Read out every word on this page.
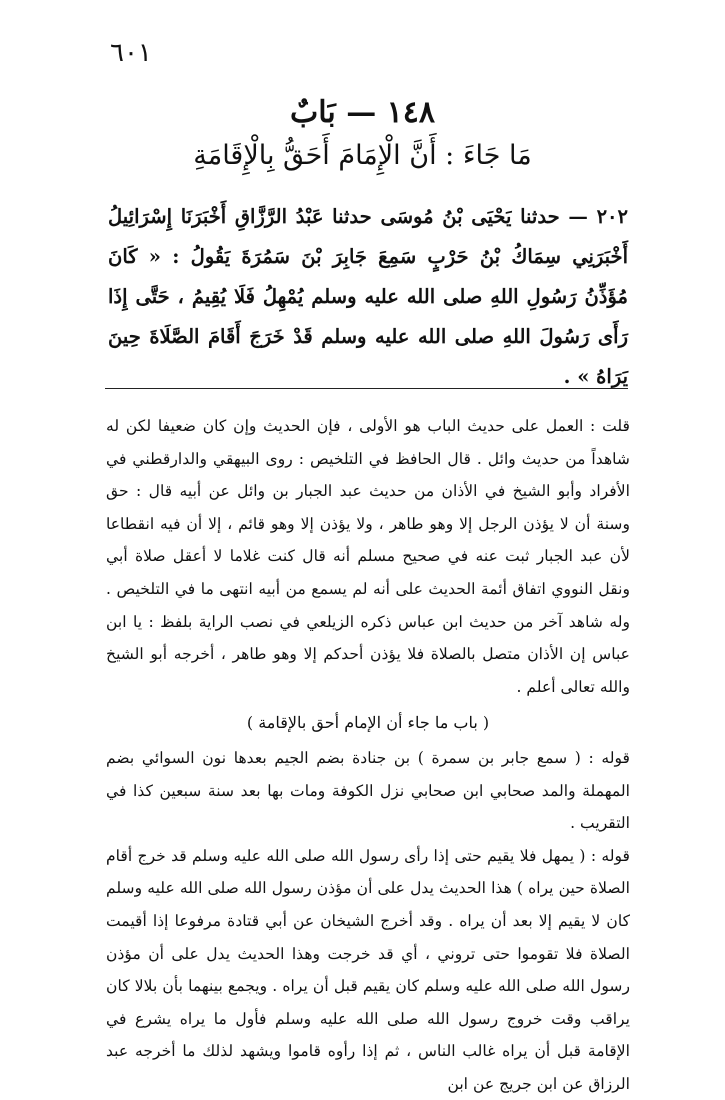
٦٠١
١٤٨ — بَابٌ
مَا جَاءَ : أَنَّ الْإِمَامَ أَحَقُّ بِالْإِقَامَةِ
٢٠٢ — حدثنا يَحْيَى بْنُ مُوسَى حدثنا عَبْدُ الرَّزَّاقِ أَخْبَرَنَا إِسْرَائِيلُ أَخْبَرَنِي سِمَاكُ بْنُ حَرْبٍ سَمِعَ جَابِرَ بْنَ سَمُرَةَ يَقُولُ : « كَانَ مُؤَذِّنُ رَسُولِ اللهِ صلى الله عليه وسلم يُمْهِلُ فَلَا يُقِيمُ ، حَتَّى إِذَا رَأَى رَسُولَ اللهِ صلى الله عليه وسلم قَدْ خَرَجَ أَقَامَ الصَّلَاةَ حِينَ يَرَاهُ » .

قلت : العمل على حديث الباب هو الأولى ، فإن الحديث وإن كان ضعيفا لكن له شاهداً من حديث وائل . قال الحافظ في التلخيص : روى البيهقي والدارقطني في الأفراد وأبو الشيخ في الأذان من حديث عبد الجبار بن وائل عن أبيه قال : حق وسنة أن لا يؤذن الرجل إلا وهو طاهر ، ولا يؤذن إلا وهو قائم ، إلا أن فيه انقطاعا لأن عبد الجبار ثبت عنه في صحيح مسلم أنه قال كنت غلاما لا أعقل صلاة أبي ونقل النووي اتفاق أئمة الحديث على أنه لم يسمع من أبيه انتهى ما في التلخيص . وله شاهد آخر من حديث ابن عباس ذكره الزيلعي في نصب الراية بلفظ : يا ابن عباس إن الأذان متصل بالصلاة فلا يؤذن أحدكم إلا وهو طاهر ، أخرجه أبو الشيخ والله تعالى أعلم .

( باب ما جاء أن الإمام أحق بالإقامة )

قوله : ( سمع جابر بن سمرة ) بن جنادة بضم الجيم بعدها نون السوائي بضم المهملة والمد صحابي ابن صحابي نزل الكوفة ومات بها بعد سنة سبعين كذا في التقريب .

قوله : ( يمهل فلا يقيم حتى إذا رأى رسول الله صلى الله عليه وسلم قد خرج أقام الصلاة حين يراه ) هذا الحديث يدل على أن مؤذن رسول الله صلى الله عليه وسلم كان لا يقيم إلا بعد أن يراه . وقد أخرج الشيخان عن أبي قتادة مرفوعا إذا أقيمت الصلاة فلا تقوموا حتى تروني ، أي قد خرجت وهذا الحديث يدل على أن مؤذن رسول الله صلى الله عليه وسلم كان يقيم قبل أن يراه . ويجمع بينهما بأن بلالا كان يراقب وقت خروج رسول الله صلى الله عليه وسلم فأول ما يراه يشرع في الإقامة قبل أن يراه غالب الناس ، ثم إذا رأوه قاموا ويشهد لذلك ما أخرجه عبد الرزاق عن ابن جريج عن ابن
